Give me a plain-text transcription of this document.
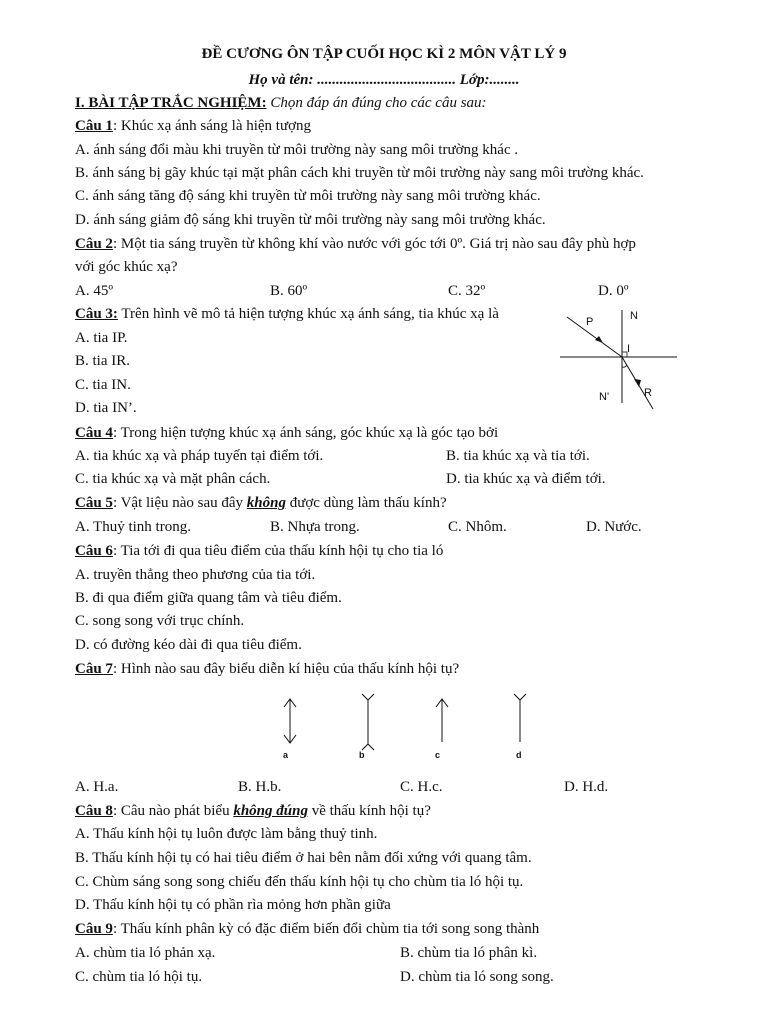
ĐỀ CƯƠNG ÔN TẬP CUỐI HỌC KÌ 2 MÔN VẬT LÝ 9
Họ và tên: ..................................... Lớp:........
I. BÀI TẬP TRẮC NGHIỆM: Chọn đáp án đúng cho các câu sau:
Câu 1: Khúc xạ ánh sáng là hiện tượng
A. ánh sáng đổi màu khi truyền từ môi trường này sang môi trường khác .
B. ánh sáng bị gãy khúc tại mặt phân cách khi truyền từ môi trường này sang môi trường khác.
C. ánh sáng tăng độ sáng khi truyền từ môi trường này sang môi trường khác.
D. ánh sáng giảm độ sáng khi truyền từ môi trường này sang môi trường khác.
Câu 2: Một tia sáng truyền từ không khí vào nước với góc tới 0º. Giá trị nào sau đây phù hợp
với góc khúc xạ?
A. 45º	B. 60º	C. 32º	D. 0º
Câu 3: Trên hình vẽ mô tả hiện tượng khúc xạ ánh sáng, tia khúc xạ là
A. tia IP.
B. tia IR.
C. tia IN.
D. tia IN’.
P	N
I
N'	R
Câu 4: Trong hiện tượng khúc xạ ánh sáng, góc khúc xạ là góc tạo bởi
A. tia khúc xạ và pháp tuyến tại điểm tới.	B. tia khúc xạ và tia tới.
C. tia khúc xạ và mặt phân cách.	D. tia khúc xạ và điểm tới.
Câu 5: Vật liệu nào sau đây không được dùng làm thấu kính?
A. Thuỷ tinh trong.	B. Nhựa trong.	C. Nhôm.	D. Nước.
Câu 6: Tia tới đi qua tiêu điểm của thấu kính hội tụ cho tia ló
A. truyền thẳng theo phương của tia tới.
B. đi qua điểm giữa quang tâm và tiêu điểm.
C. song song với trục chính.
D. có đường kéo dài đi qua tiêu điểm.
Câu 7: Hình nào sau đây biểu diễn kí hiệu của thấu kính hội tụ?
a	b	c	d
A. H.a.	B. H.b.	C. H.c.	D. H.d.
Câu 8: Câu nào phát biểu không đúng về thấu kính hội tụ?
A. Thấu kính hội tụ luôn được làm bằng thuỷ tinh.
B. Thấu kính hội tụ có hai tiêu điểm ở hai bên nằm đối xứng với quang tâm.
C. Chùm sáng song song chiếu đến thấu kính hội tụ cho chùm tia ló hội tụ.
D. Thấu kính hội tụ có phần rìa mỏng hơn phần giữa
Câu 9: Thấu kính phân kỳ có đặc điểm biến đổi chùm tia tới song song thành
A. chùm tia ló phản xạ.	B. chùm tia ló phân kì.
C. chùm tia ló hội tụ.	D. chùm tia ló song song.
